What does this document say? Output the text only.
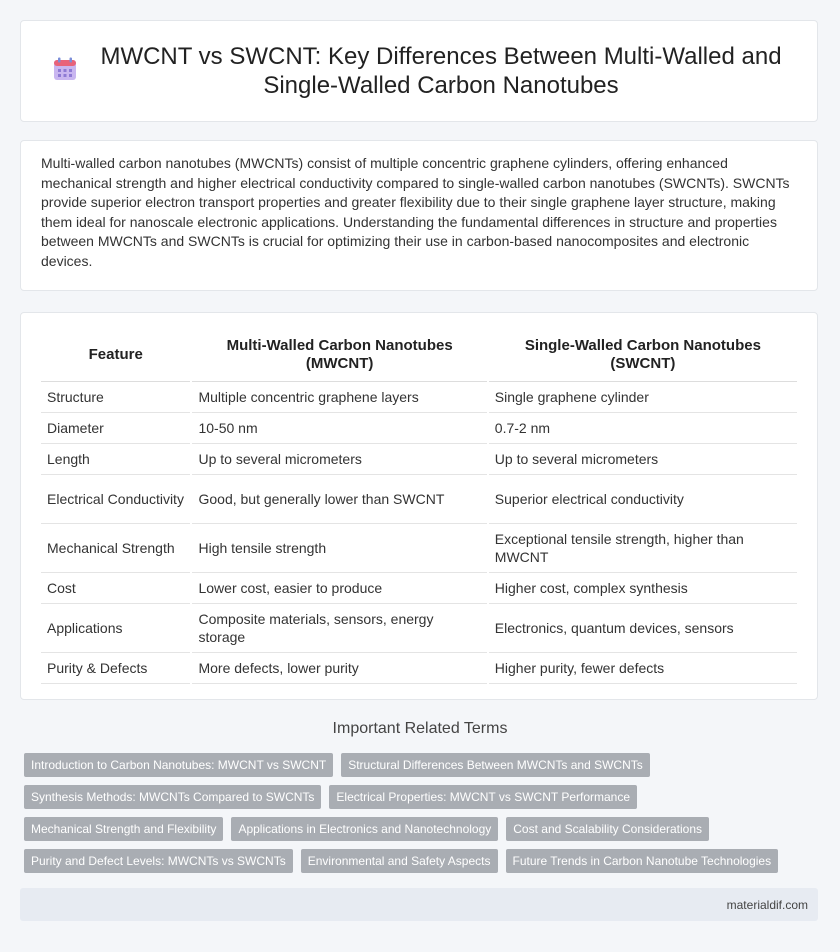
MWCNT vs SWCNT: Key Differences Between Multi-Walled and Single-Walled Carbon Nanotubes

Multi-walled carbon nanotubes (MWCNTs) consist of multiple concentric graphene cylinders, offering enhanced mechanical strength and higher electrical conductivity compared to single-walled carbon nanotubes (SWCNTs). SWCNTs provide superior electron transport properties and greater flexibility due to their single graphene layer structure, making them ideal for nanoscale electronic applications. Understanding the fundamental differences in structure and properties between MWCNTs and SWCNTs is crucial for optimizing their use in carbon-based nanocomposites and electronic devices.

Feature	Multi-Walled Carbon Nanotubes (MWCNT)	Single-Walled Carbon Nanotubes (SWCNT)
Structure	Multiple concentric graphene layers	Single graphene cylinder
Diameter	10-50 nm	0.7-2 nm
Length	Up to several micrometers	Up to several micrometers
Electrical Conductivity	Good, but generally lower than SWCNT	Superior electrical conductivity
Mechanical Strength	High tensile strength	Exceptional tensile strength, higher than MWCNT
Cost	Lower cost, easier to produce	Higher cost, complex synthesis
Applications	Composite materials, sensors, energy storage	Electronics, quantum devices, sensors
Purity & Defects	More defects, lower purity	Higher purity, fewer defects
Important Related Terms
Introduction to Carbon Nanotubes: MWCNT vs SWCNT	Structural Differences Between MWCNTs and SWCNTs
Synthesis Methods: MWCNTs Compared to SWCNTs	Electrical Properties: MWCNT vs SWCNT Performance
Mechanical Strength and Flexibility	Applications in Electronics and Nanotechnology	Cost and Scalability Considerations
Purity and Defect Levels: MWCNTs vs SWCNTs	Environmental and Safety Aspects	Future Trends in Carbon Nanotube Technologies
materialdif.com
